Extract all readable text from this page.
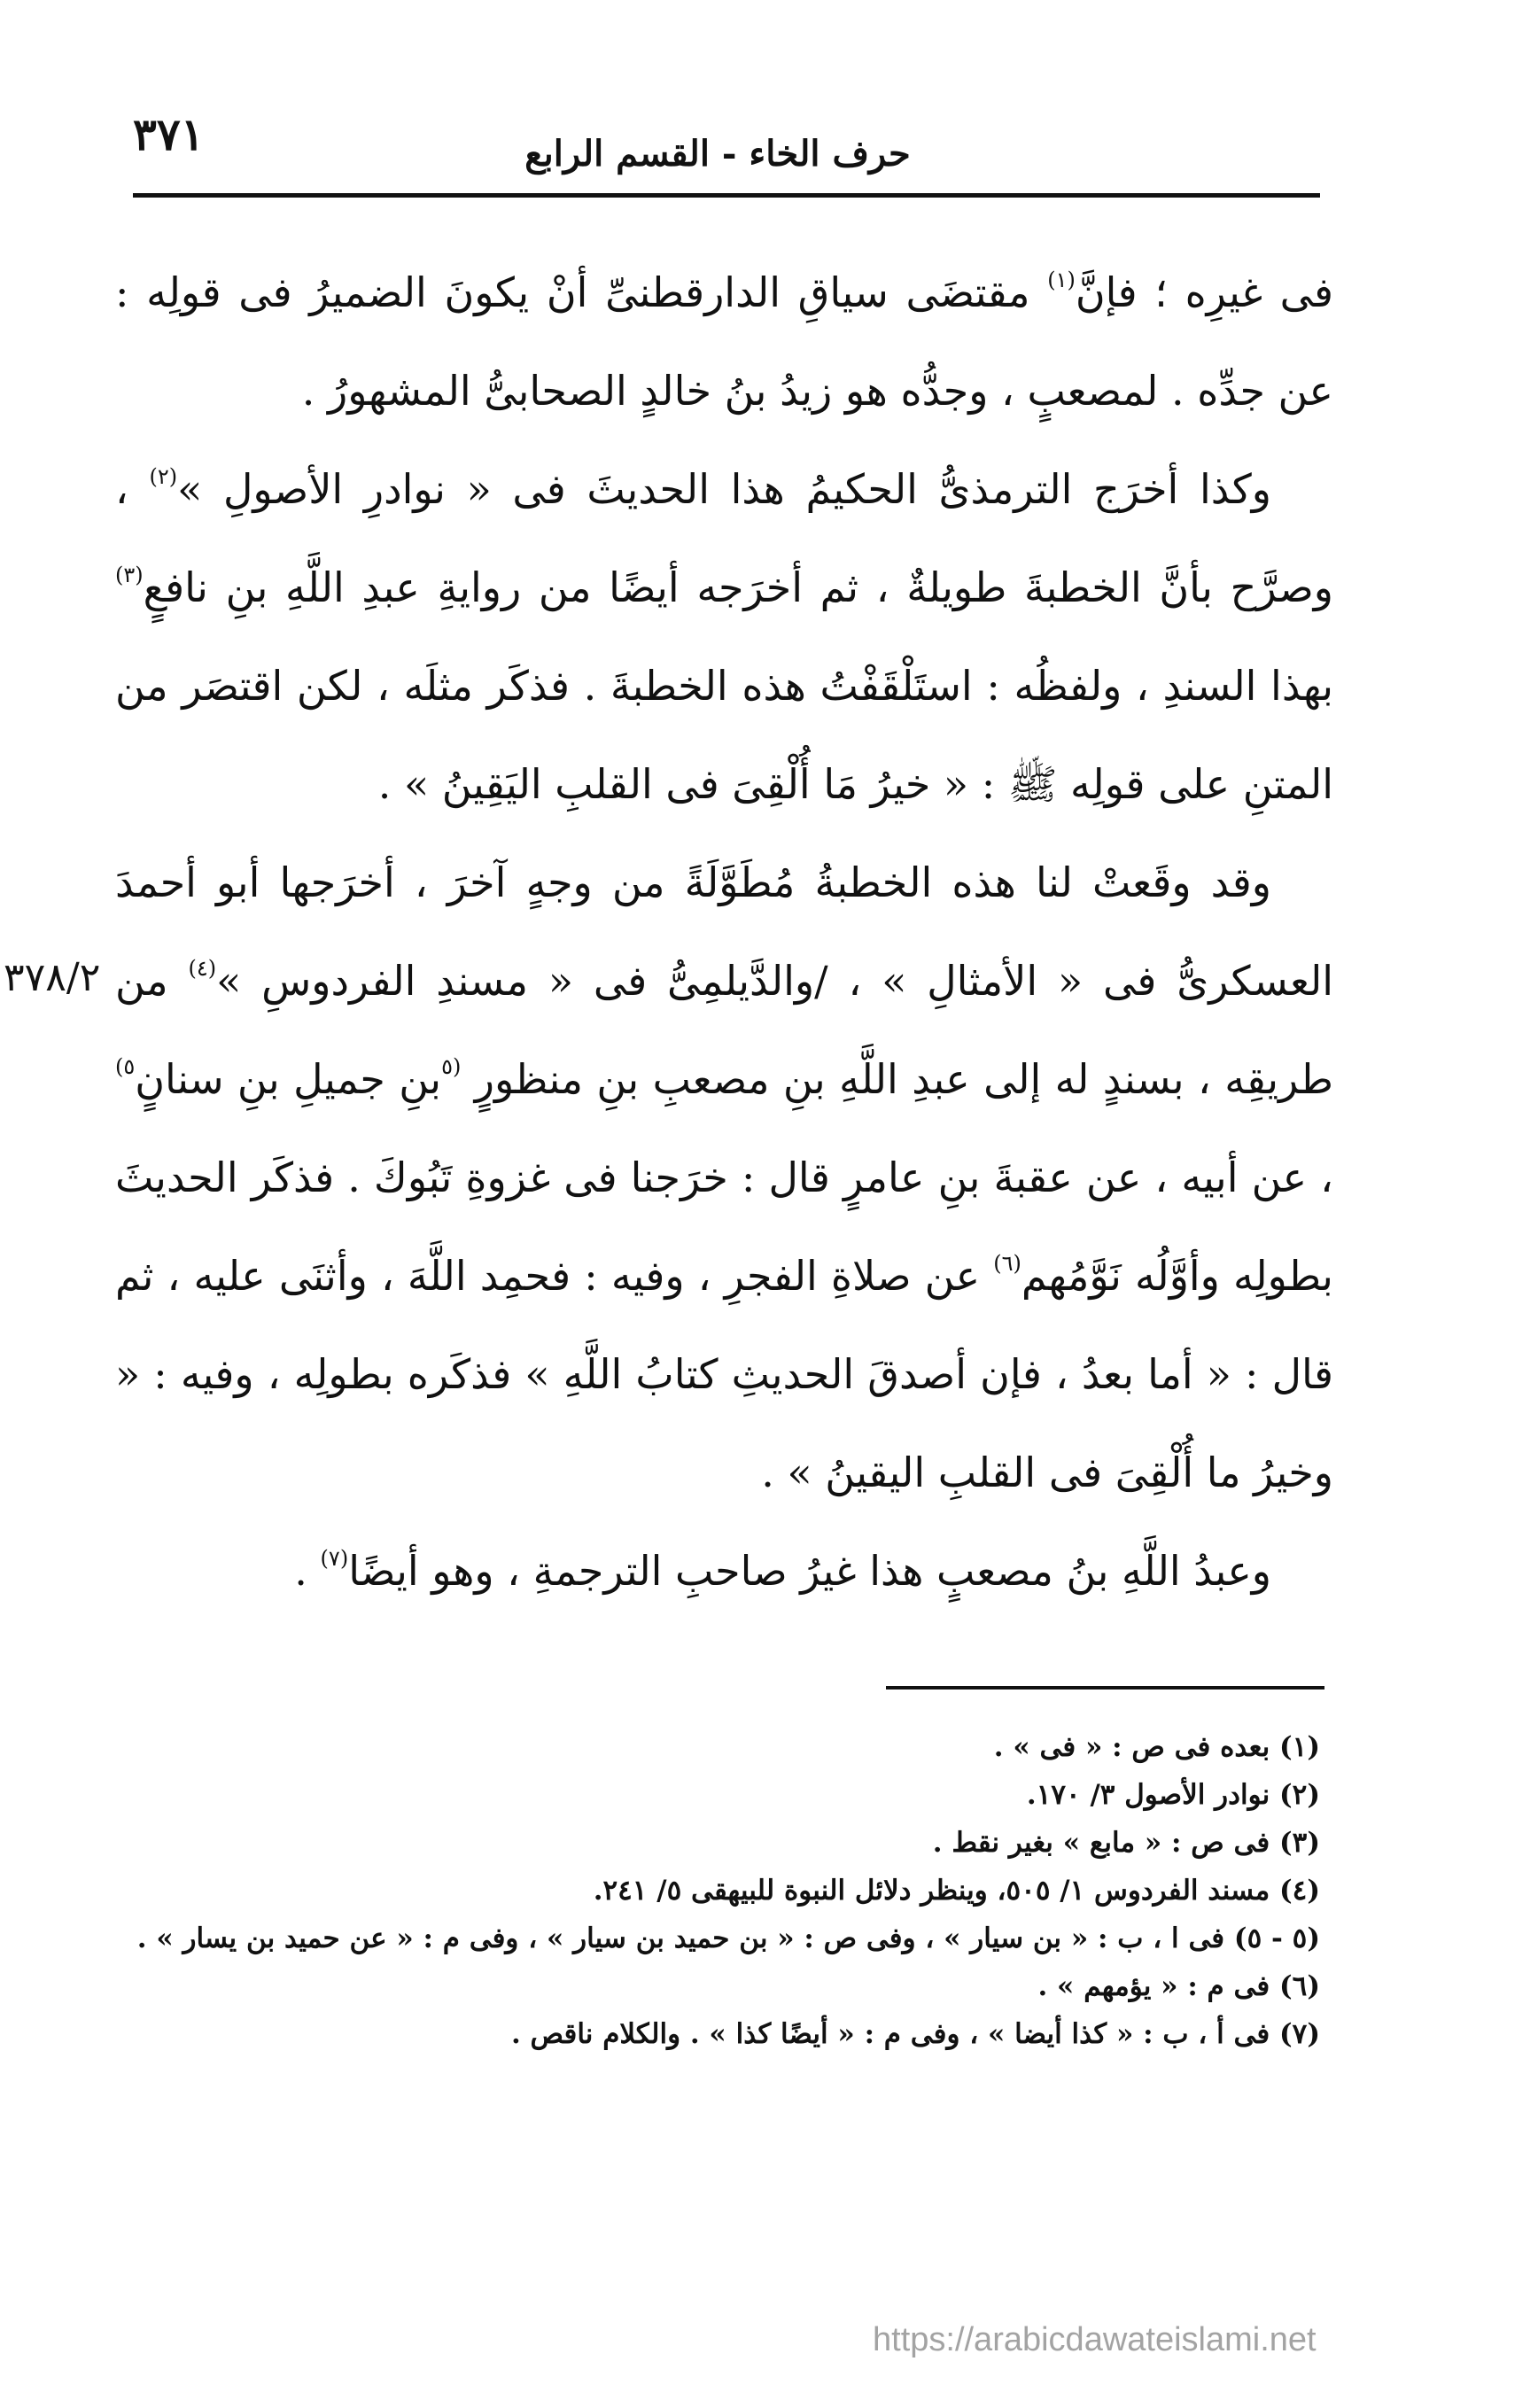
٣٧١	حرف الخاء - القسم الرابع
٣٧٨/٢

فى غيرِه ؛ فإنَّ$^{(١)}$ مقتضَى سياقِ الدارقطنىِّ أنْ يكونَ الضميرُ فى قولِه : عن جدِّه . لمصعبٍ ، وجدُّه هو زيدُ بنُ خالدٍ الصحابىُّ المشهورُ .

وكذا أخرَج الترمذىُّ الحكيمُ هذا الحديثَ فى « نوادرِ الأصولِ »$^{(٢)}$ ، وصرَّح بأنَّ الخطبةَ طويلةٌ ، ثم أخرَجه أيضًا من روايةِ عبدِ اللَّهِ بنِ نافعٍ$^{(٣)}$ بهذا السندِ ، ولفظُه : استَلْقَفْتُ هذه الخطبةَ . فذكَر مثلَه ، لكن اقتصَر من المتنِ على قولِه ﷺ : « خيرُ مَا أُلْقِىَ فى القلبِ اليَقِينُ » .

وقد وقَعتْ لنا هذه الخطبةُ مُطَوَّلَةً من وجهٍ آخرَ ، أخرَجها أبو أحمدَ العسكرىُّ فى « الأمثالِ » ، /والدَّيلمِىُّ فى « مسندِ الفردوسِ »$^{(٤)}$ من طريقِه ، بسندٍ له إلى عبدِ اللَّهِ بنِ مصعبِ بنِ منظورٍ $^{(٥}$بنِ جميلِ بنِ سنانٍ$^{٥)}$ ، عن أبيه ، عن عقبةَ بنِ عامرٍ قال : خرَجنا فى غزوةِ تَبُوكَ . فذكَر الحديثَ بطولِه وأوَّلُه نَوَّمُهم$^{(٦)}$ عن صلاةِ الفجرِ ، وفيه : فحمِد اللَّهَ ، وأثنَى عليه ، ثم قال : « أما بعدُ ، فإن أصدقَ الحديثِ كتابُ اللَّهِ » فذكَره بطولِه ، وفيه : « وخيرُ ما أُلْقِىَ فى القلبِ اليقينُ » .

وعبدُ اللَّهِ بنُ مصعبٍ هذا غيرُ صاحبِ الترجمةِ ، وهو أيضًا$^{(٧)}$ .

(١) بعده فى ص : « فى » .

(٢) نوادر الأصول ٣/ ١٧٠.

(٣) فى ص : « مابع » بغير نقط .

(٤) مسند الفردوس ١/ ٥٠٥، وينظر دلائل النبوة للبيهقى ٥/ ٢٤١.

(٥ - ٥) فى ا ، ب : « بن سيار » ، وفى ص : « بن حميد بن سيار » ، وفى م : « عن حميد بن يسار » .

(٦) فى م : « يؤمهم » .

(٧) فى أ ، ب : « كذا أيضا » ، وفى م : « أيضًا كذا » . والكلام ناقص .

https://arabicdawateislami.net
